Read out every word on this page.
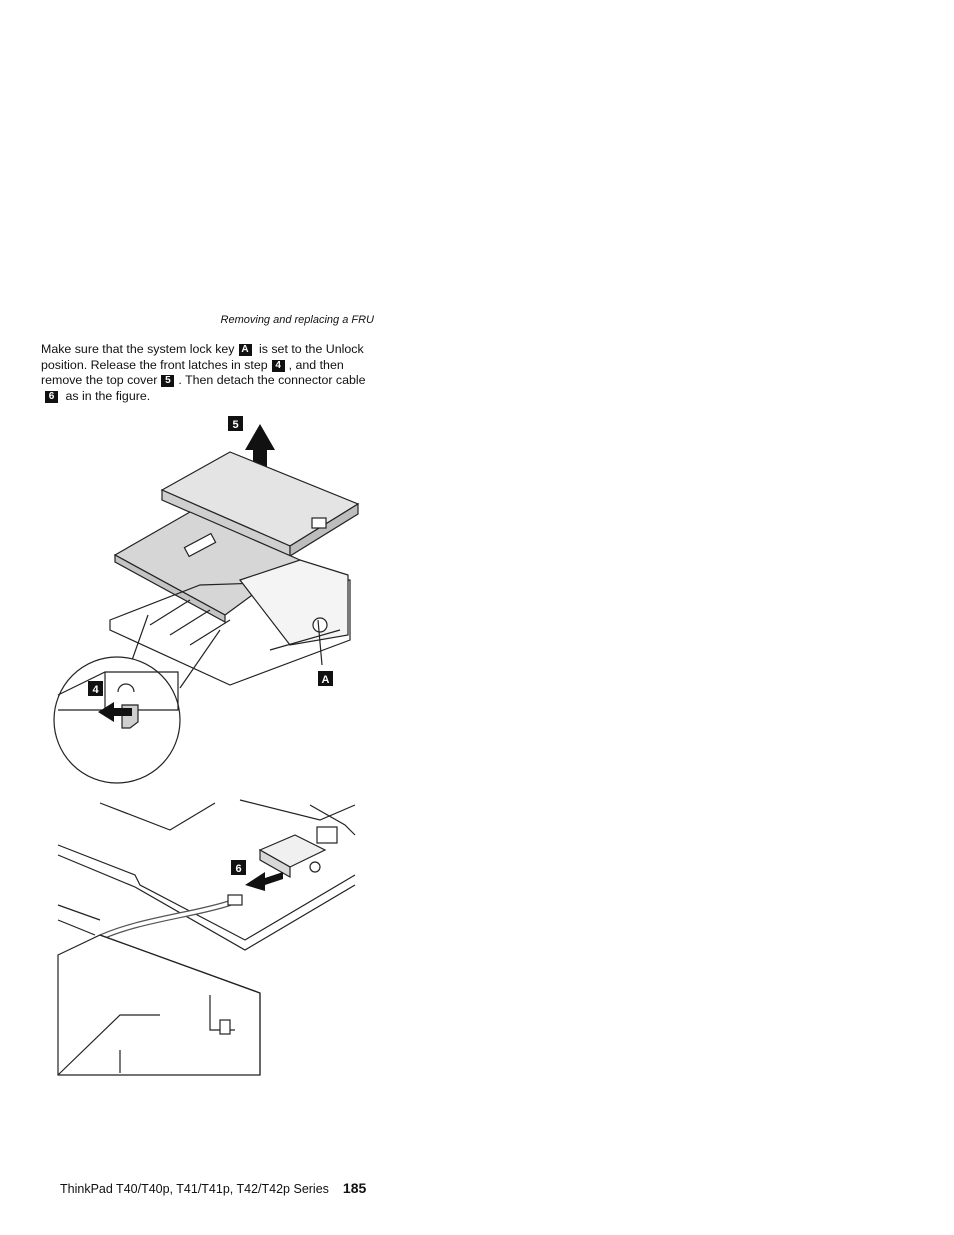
Removing and replacing a FRU
Make sure that the system lock key A is set to the Unlock position. Release the front latches in step 4 , and then remove the top cover 5 . Then detach the connector cable6 as in the figure.
5
A
4
6
ThinkPad T40/T40p, T41/T41p, T42/T42p Series 185
